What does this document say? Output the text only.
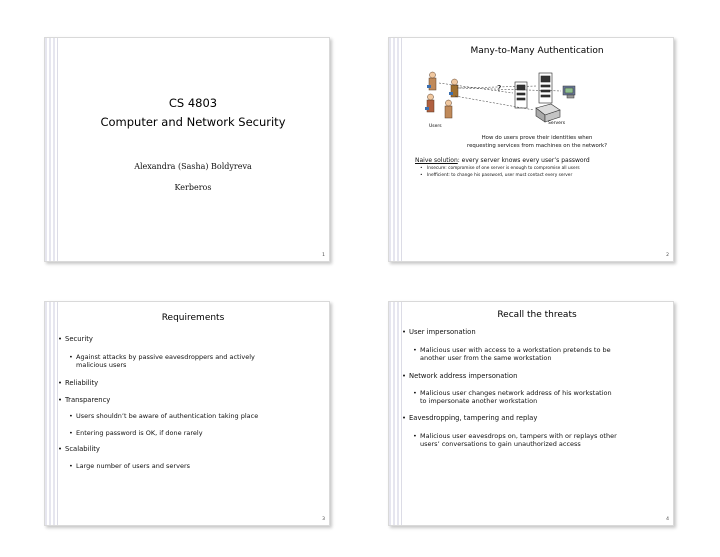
CS 4803
Computer and Network Security
Alexandra (Sasha) Boldyreva
Kerberos
1
Many-to-Many Authentication
?
Users
Servers
How do users prove their identities when
requesting services from machines on the network?
Naive solution: every server knows every user’s password
• Insecure: compromise of one server is enough to compromise all users
• Inefficient: to change his password, user must contact every server
2
Requirements
• Security
• Against attacks by passive eavesdroppers and actively
malicious users
• Reliability
• Transparency
• Users shouldn’t be aware of authentication taking place
• Entering password is OK, if done rarely
• Scalability
• Large number of users and servers
3
Recall the threats
• User impersonation
• Malicious user with access to a workstation pretends to be
another user from the same workstation
• Network address impersonation
• Malicious user changes network address of his workstation
to impersonate another workstation
• Eavesdropping, tampering and replay
• Malicious user eavesdrops on, tampers with or replays other
users’ conversations to gain unauthorized access
4
